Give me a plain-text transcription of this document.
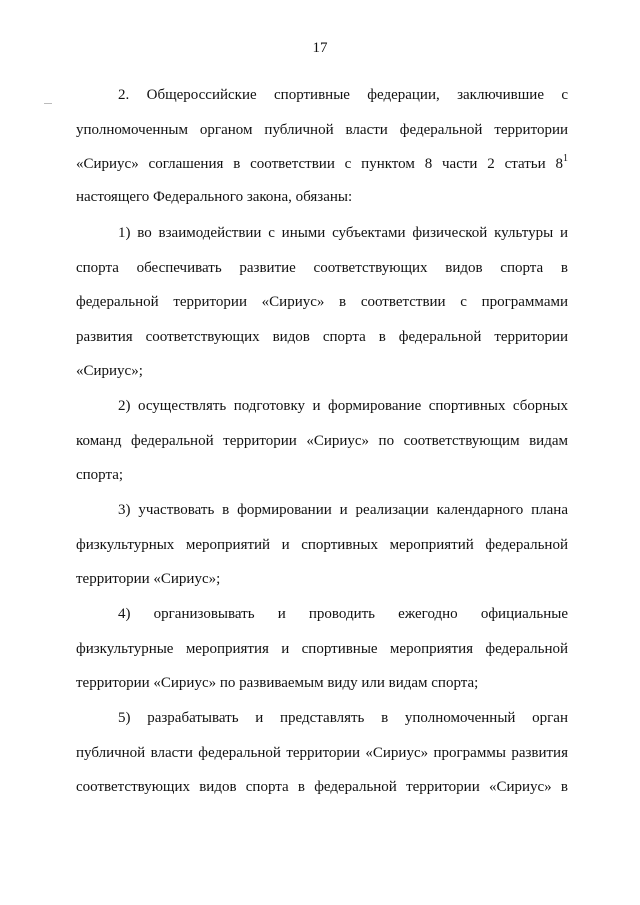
17
2. Общероссийские спортивные федерации, заключившие с
уполномоченным органом публичной власти федеральной территории
«Сириус» соглашения в соответствии с пунктом 8 части 2 статьи $8^1$
настоящего Федерального закона, обязаны:
1) во взаимодействии с иными субъектами физической культуры и
спорта обеспечивать развитие соответствующих видов спорта в
федеральной территории «Сириус» в соответствии с программами
развития соответствующих видов спорта в федеральной территории
«Сириус»;
2) осуществлять подготовку и формирование спортивных сборных
команд федеральной территории «Сириус» по соответствующим видам
спорта;
3) участвовать в формировании и реализации календарного плана
физкультурных мероприятий и спортивных мероприятий федеральной
территории «Сириус»;
4) организовывать и проводить ежегодно официальные
физкультурные мероприятия и спортивные мероприятия федеральной
территории «Сириус» по развиваемым виду или видам спорта;
5) разрабатывать и представлять в уполномоченный орган
публичной власти федеральной территории «Сириус» программы развития
соответствующих видов спорта в федеральной территории «Сириус» в
